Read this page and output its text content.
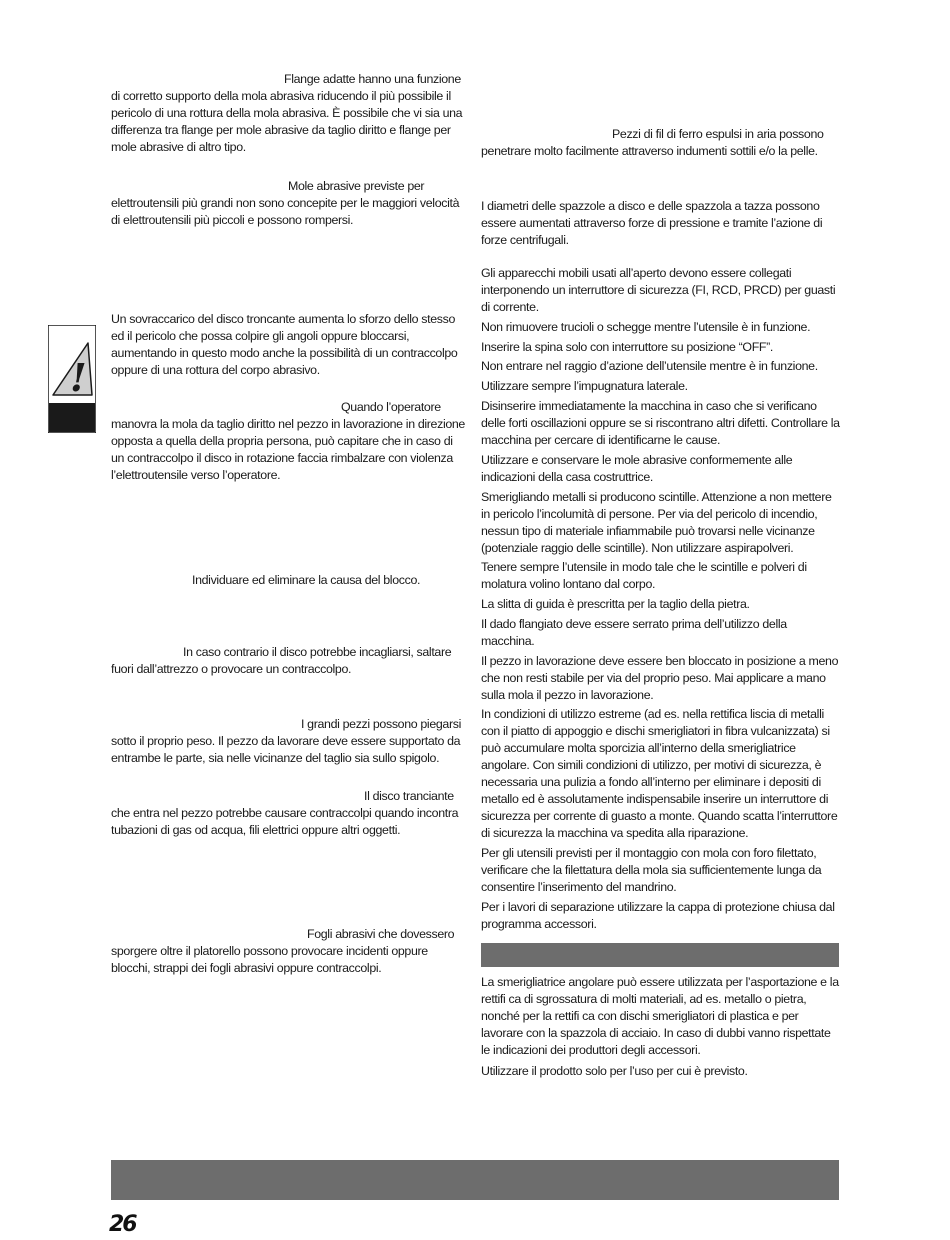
!

Flange adatte hanno una funzione di corretto supporto della mola abrasiva riducendo il più possibile il pericolo di una rottura della mola abrasiva. È possibile che vi sia una differenza tra flange per mole abrasive da taglio diritto e flange per mole abrasive di altro tipo.

Mole abrasive previste per elettroutensili più grandi non sono concepite per le maggiori velocità di elettroutensili più piccoli e possono rompersi.

Un sovraccarico del disco troncante aumenta lo sforzo dello stesso ed il pericolo che possa colpire gli angoli oppure bloccarsi, aumentando in questo modo anche la possibilità di un contraccolpo oppure di una rottura del corpo abrasivo.

Quando l’operatore manovra la mola da taglio diritto nel pezzo in lavorazione in direzione opposta a quella della propria persona, può capitare che in caso di un contraccolpo il disco in rotazione faccia rimbalzare con violenza l’elettroutensile verso l’operatore.

Individuare ed eliminare la causa del blocco.

In caso contrario il disco potrebbe incagliarsi, saltare fuori dall’attrezzo o provocare un contraccolpo.

I grandi pezzi possono piegarsi sotto il proprio peso. Il pezzo da lavorare deve essere supportato da entrambe le parte, sia nelle vicinanze del taglio sia sullo spigolo.

Il disco tranciante che entra nel pezzo potrebbe causare contraccolpi quando incontra tubazioni di gas od acqua, fili elettrici oppure altri oggetti.

Fogli abrasivi che dovessero sporgere oltre il platorello possono provocare incidenti oppure blocchi, strappi dei fogli abrasivi oppure contraccolpi.

Pezzi di fil di ferro espulsi in aria possono penetrare molto facilmente attraverso indumenti sottili e/o la pelle.

I diametri delle spazzole a disco e delle spazzola a tazza possono essere aumentati attraverso forze di pressione e tramite l’azione di forze centrifugali.

Gli apparecchi mobili usati all’aperto devono essere collegati interponendo un interruttore di sicurezza (FI, RCD, PRCD) per guasti di corrente.

Non rimuovere trucioli o schegge mentre l’utensile è in funzione.

Inserire la spina solo con interruttore su posizione “OFF”.

Non entrare nel raggio d’azione dell’utensile mentre è in funzione.

Utilizzare sempre l’impugnatura laterale.

Disinserire immediatamente la macchina in caso che si verificano delle forti oscillazioni oppure se si riscontrano altri difetti. Controllare la macchina per cercare di identificarne le cause.

Utilizzare e conservare le mole abrasive conformemente alle indicazioni della casa costruttrice.

Smerigliando metalli si producono scintille. Attenzione a non mettere in pericolo l’incolumità di persone. Per via del pericolo di incendio, nessun tipo di materiale infiammabile può trovarsi nelle vicinanze (potenziale raggio delle scintille). Non utilizzare aspirapolveri.

Tenere sempre l’utensile in modo tale che le scintille e polveri di molatura volino lontano dal corpo.

La slitta di guida è prescritta per la taglio della pietra.

Il dado flangiato deve essere serrato prima dell’utilizzo della macchina.

Il pezzo in lavorazione deve essere ben bloccato in posizione a meno che non resti stabile per via del proprio peso. Mai applicare a mano sulla mola il pezzo in lavorazione.

In condizioni di utilizzo estreme (ad es. nella rettifica liscia di metalli con il piatto di appoggio e dischi smerigliatori in fibra vulcanizzata) si può accumulare molta sporcizia all’interno della smerigliatrice angolare. Con simili condizioni di utilizzo, per motivi di sicurezza, è necessaria una pulizia a fondo all’interno per eliminare i depositi di metallo ed è assolutamente indispensabile inserire un interruttore di sicurezza per corrente di guasto a monte. Quando scatta l’interruttore di sicurezza la macchina va spedita alla riparazione.

Per gli utensili previsti per il montaggio con mola con foro filettato, verificare che la filettatura della mola sia sufficientemente lunga da consentire l’inserimento del mandrino.

Per i lavori di separazione utilizzare la cappa di protezione chiusa dal programma accessori.

La smerigliatrice angolare può essere utilizzata per l’asportazione e la rettifi ca di sgrossatura di molti materiali, ad es. metallo o pietra, nonché per la rettifi ca con dischi smerigliatori di plastica e per lavorare con la spazzola di acciaio. In caso di dubbi vanno rispettate le indicazioni dei produttori degli accessori.

Utilizzare il prodotto solo per l’uso per cui è previsto.

26
